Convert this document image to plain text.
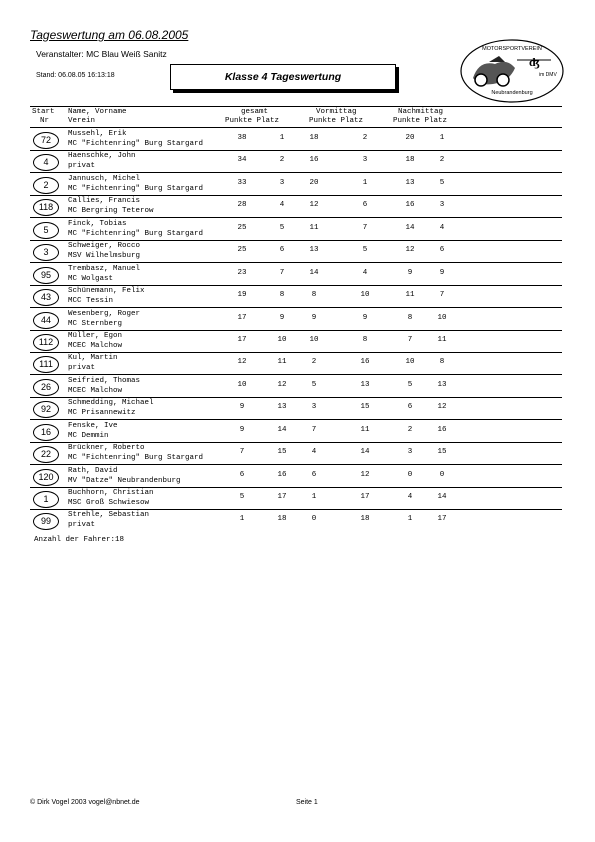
Tageswertung am 06.08.2005
Veranstalter: MC Blau Weiß Sanitz
Stand: 06.08.05 16:13:18	Klasse 4 Tageswertung
MOTORSPORTVEREIN
ʤ
im DMV
Neubrandenburg
Start
Nr
Name, Vorname
Verein
gesamt
Punkte Platz
Vormittag
Punkte Platz
Nachmittag
Punkte Platz
72
Mussehl, Erik
MC "Fichtenring" Burg Stargard
38	1	18	2	20	1
4
Haenschke, John
privat
34	2	16	3	18	2
2
Jannusch, Michel
MC "Fichtenring" Burg Stargard
33	3	20	1	13	5
118
Callies, Francis
MC Bergring Teterow
28	4	12	6	16	3
5
Finck, Tobias
MC "Fichtenring" Burg Stargard
25	5	11	7	14	4
3
Schweiger, Rocco
MSV Wilhelmsburg
25	6	13	5	12	6
95
Trembasz, Manuel
MC Wolgast
23	7	14	4	9	9
43
Schünemann, Felix
MCC Tessin
19	8	8	10	11	7
44
Wesenberg, Roger
MC Sternberg
17	9	9	9	8	10
112
Müller, Egon
MCEC Malchow
17	10	10	8	7	11
111
Kul, Martin
privat
12	11	2	16	10	8
26
Seifried, Thomas
MCEC Malchow
10	12	5	13	5	13
92
Schmedding, Michael
MC Prisannewitz
9	13	3	15	6	12
16
Fenske, Ive
MC Demmin
9	14	7	11	2	16
22
Brückner, Roberto
MC "Fichtenring" Burg Stargard
7	15	4	14	3	15
120
Rath, David
MV "Datze" Neubrandenburg
6	16	6	12	0	0
1
Buchhorn, Christian
MSC Groß Schwiesow
5	17	1	17	4	14
99
Strehle, Sebastian
privat
1	18	0	18	1	17
Anzahl der Fahrer:18
© Dirk Vogel 2003 vogel@nbnet.de	Seite 1
